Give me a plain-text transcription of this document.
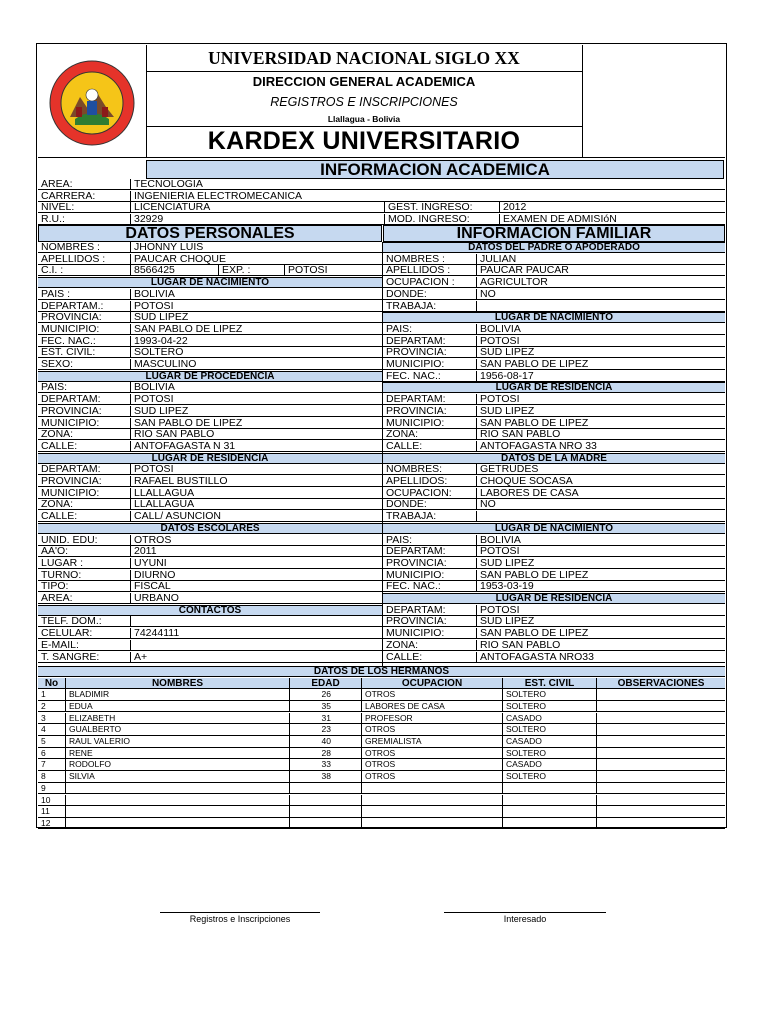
UNIVERSIDAD NACIONAL SIGLO XX
DIRECCION GENERAL ACADEMICA
REGISTROS E INSCRIPCIONES
Llallagua - Bolivia
KARDEX UNIVERSITARIO
INFORMACION ACADEMICA
AREA:	TECNOLOGIA
CARRERA:	INGENIERIA ELECTROMECANICA
NIVEL:	LICENCIATURA	GEST. INGRESO:	2012
R.U.:	32929	MOD. INGRESO:	EXAMEN DE ADMISIóN
DATOS PERSONALES	INFORMACION FAMILIAR
NOMBRES :	JHONNY LUIS
APELLIDOS :	PAUCAR CHOQUE
C.I. :	8566425	EXP. :	POTOSI
LUGAR DE NACIMIENTO
PAIS :	BOLIVIA
DEPARTAM.:	POTOSI
PROVINCIA:	SUD LIPEZ
MUNICIPIO:	SAN PABLO DE LIPEZ
FEC. NAC.:	1993-04-22
EST. CIVIL:	SOLTERO
SEXO:	MASCULINO
LUGAR DE PROCEDENCIA
PAIS:	BOLIVIA
DEPARTAM:	POTOSI
PROVINCIA:	SUD LIPEZ
MUNICIPIO:	SAN PABLO DE LIPEZ
ZONA:	RIO SAN PABLO
CALLE:	ANTOFAGASTA N 31
LUGAR DE RESIDENCIA
DEPARTAM:	POTOSI
PROVINCIA:	RAFAEL BUSTILLO
MUNICIPIO:	LLALLAGUA
ZONA:	LLALLAGUA
CALLE:	CALL/ ASUNCION
DATOS ESCOLARES
UNID. EDU:	OTROS
AÃ'O:	2011
LUGAR :	UYUNI
TURNO:	DIURNO
TIPO:	FISCAL
AREA:	URBANO
CONTACTOS
TELF. DOM.:
CELULAR:	74244111
E-MAIL:
T. SANGRE:	A+
DATOS DEL PADRE O APODERADO
NOMBRES :	JULIAN
APELLIDOS :	PAUCAR PAUCAR
OCUPACION :	AGRICULTOR
DONDE:	NO
TRABAJA:
LUGAR DE NACIMIENTO
PAIS:	BOLIVIA
DEPARTAM:	POTOSI
PROVINCIA:	SUD LIPEZ
MUNICIPIO:	SAN PABLO DE LIPEZ
FEC. NAC.:	1956-08-17
LUGAR DE RESIDENCIA
DEPARTAM:	POTOSI
PROVINCIA:	SUD LIPEZ
MUNICIPIO:	SAN PABLO DE LIPEZ
ZONA:	RIO SAN PABLO
CALLE:	ANTOFAGASTA NRO 33
DATOS DE LA MADRE
NOMBRES:	GETRUDES
APELLIDOS:	CHOQUE SOCASA
OCUPACION:	LABORES DE CASA
DONDE:	NO
TRABAJA:
LUGAR DE NACIMIENTO
PAIS:	BOLIVIA
DEPARTAM:	POTOSI
PROVINCIA:	SUD LIPEZ
MUNICIPIO:	SAN PABLO DE LIPEZ
FEC. NAC.:	1953-03-19
LUGAR DE RESIDENCIA
DEPARTAM:	POTOSI
PROVINCIA:	SUD LIPEZ
MUNICIPIO:	SAN PABLO DE LIPEZ
ZONA:	RIO SAN PABLO
CALLE:	ANTOFAGASTA NRO33
DATOS DE LOS HERMANOS
No	NOMBRES	EDAD	OCUPACION	EST. CIVIL	OBSERVACIONES
1	BLADIMIR	26	OTROS	SOLTERO
2	EDUA	35	LABORES DE CASA	SOLTERO
3	ELIZABETH	31	PROFESOR	CASADO
4	GUALBERTO	23	OTROS	SOLTERO
5	RAUL VALERIO	40	GREMIALISTA	CASADO
6	RENE	28	OTROS	SOLTERO
7	RODOLFO	33	OTROS	CASADO
8	SILVIA	38	OTROS	SOLTERO
9
10
11
12
Registros e Inscripciones	Interesado
